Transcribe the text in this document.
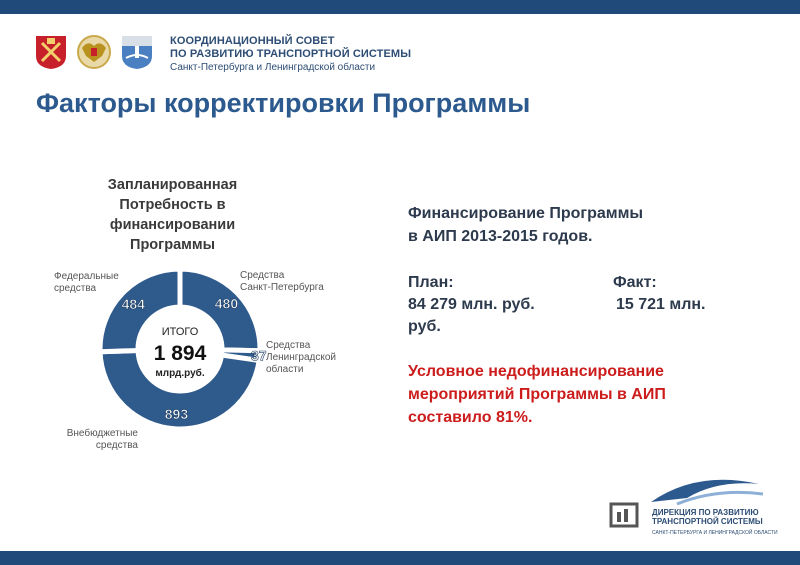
КООРДИНАЦИОННЫЙ СОВЕТ
ПО РАЗВИТИЮ ТРАНСПОРТНОЙ СИСТЕМЫ
Санкт-Петербурга и Ленинградской области
Факторы корректировки Программы
Запланированная
Потребность в
финансировании
Программы
ИТОГО
1 894
млрд.руб.
480
37
893
484
Средства
Санкт-Петербурга
Средства
Ленинградской
области
Внебюджетные
средства
Федеральные
средства
Финансирование Программы
в АИП 2013-2015 годов.
План:	Факт:
84 279 млн. руб.	15 721 млн.
руб.
Условное недофинансирование
мероприятий Программы в АИП
составило 81%.
ДИРЕКЦИЯ ПО РАЗВИТИЮ
ТРАНСПОРТНОЙ СИСТЕМЫ
САНКТ-ПЕТЕРБУРГА И ЛЕНИНГРАДСКОЙ ОБЛАСТИ
